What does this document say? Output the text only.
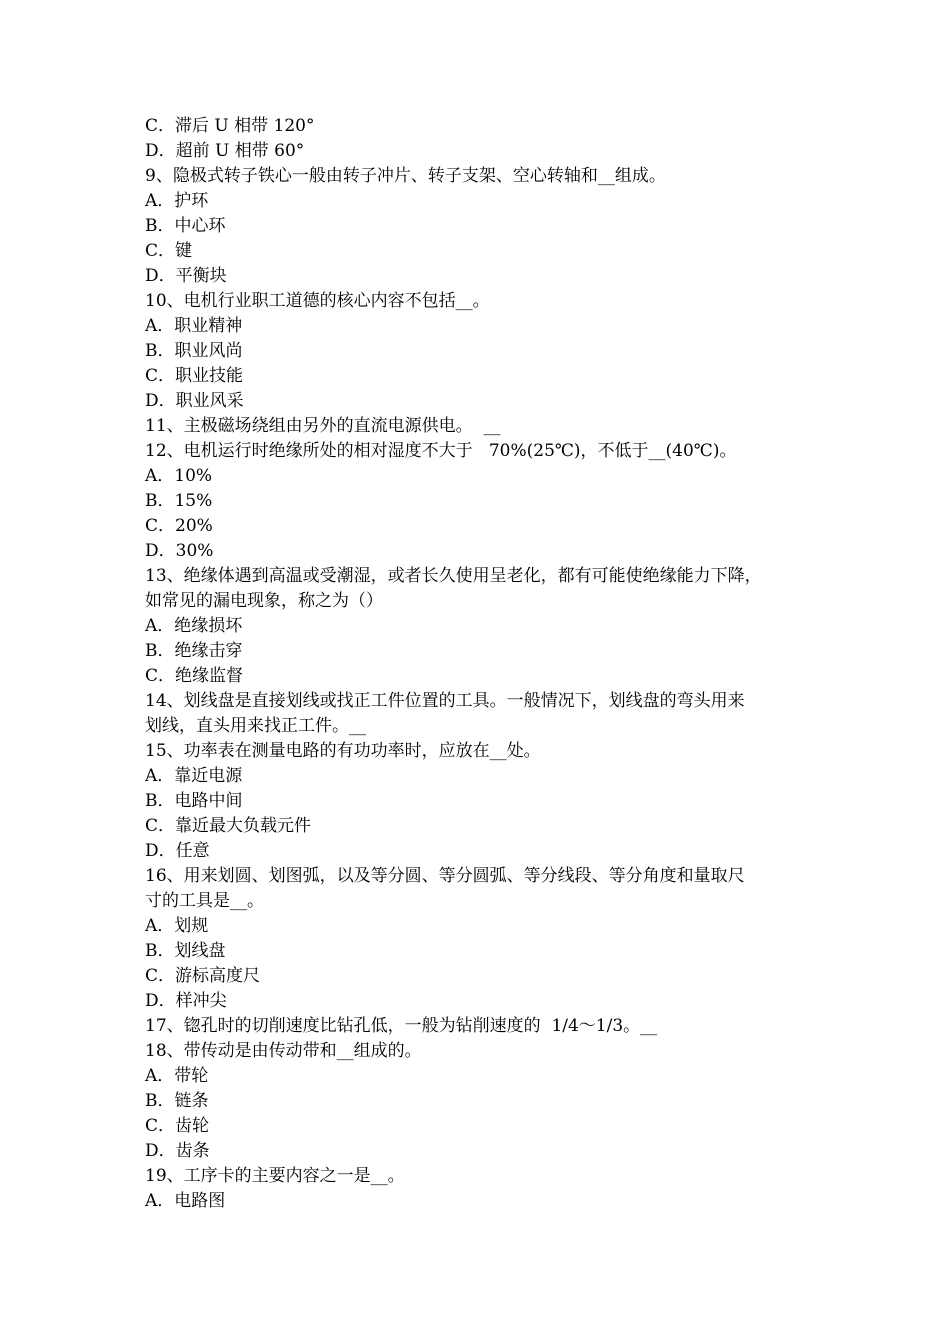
C．滞后 U 相带 120°
D．超前 U 相带 60°
9、隐极式转子铁心一般由转子冲片、转子支架、空心转轴和__组成。
A．护环
B．中心环
C．键
D．平衡块
10、电机行业职工道德的核心内容不包括__。
A．职业精神
B．职业风尚
C．职业技能
D．职业风采
11、主极磁场绕组由另外的直流电源供电。  __
12、电机运行时绝缘所处的相对湿度不大于   70%(25℃)，不低于__(40℃)。
A．10%
B．15%
C．20%
D．30%
13、绝缘体遇到高温或受潮湿，或者长久使用呈老化，都有可能使绝缘能力下降，
如常见的漏电现象，称之为（）
A．绝缘损坏
B．绝缘击穿
C．绝缘监督
14、划线盘是直接划线或找正工件位置的工具。一般情况下，划线盘的弯头用来
划线，直头用来找正工件。__
15、功率表在测量电路的有功功率时，应放在__处。
A．靠近电源
B．电路中间
C．靠近最大负载元件
D．任意
16、用来划圆、划图弧，以及等分圆、等分圆弧、等分线段、等分角度和量取尺
寸的工具是__。
A．划规
B．划线盘
C．游标高度尺
D．样冲尖
17、锪孔时的切削速度比钻孔低，一般为钻削速度的  1/4～1/3。__
18、带传动是由传动带和__组成的。
A．带轮
B．链条
C．齿轮
D．齿条
19、工序卡的主要内容之一是__。
A．电路图
